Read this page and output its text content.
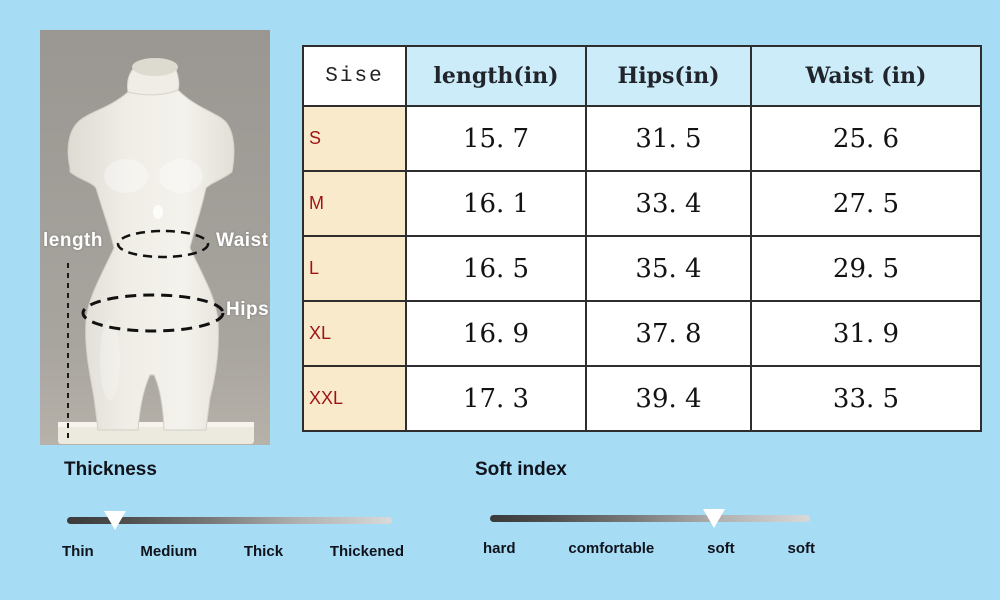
length	Waist
Hips
Sise	length(in)	Hips(in)	Waist (in)
S	15. 7	31. 5	25. 6
M	16. 1	33. 4	27. 5
L	16. 5	35. 4	29. 5
XL	16. 9	37. 8	31. 9
XXL	17. 3	39. 4	33. 5
Thickness
Thin	Medium	Thick	Thickened
Soft index
hard	comfortable	soft	soft
